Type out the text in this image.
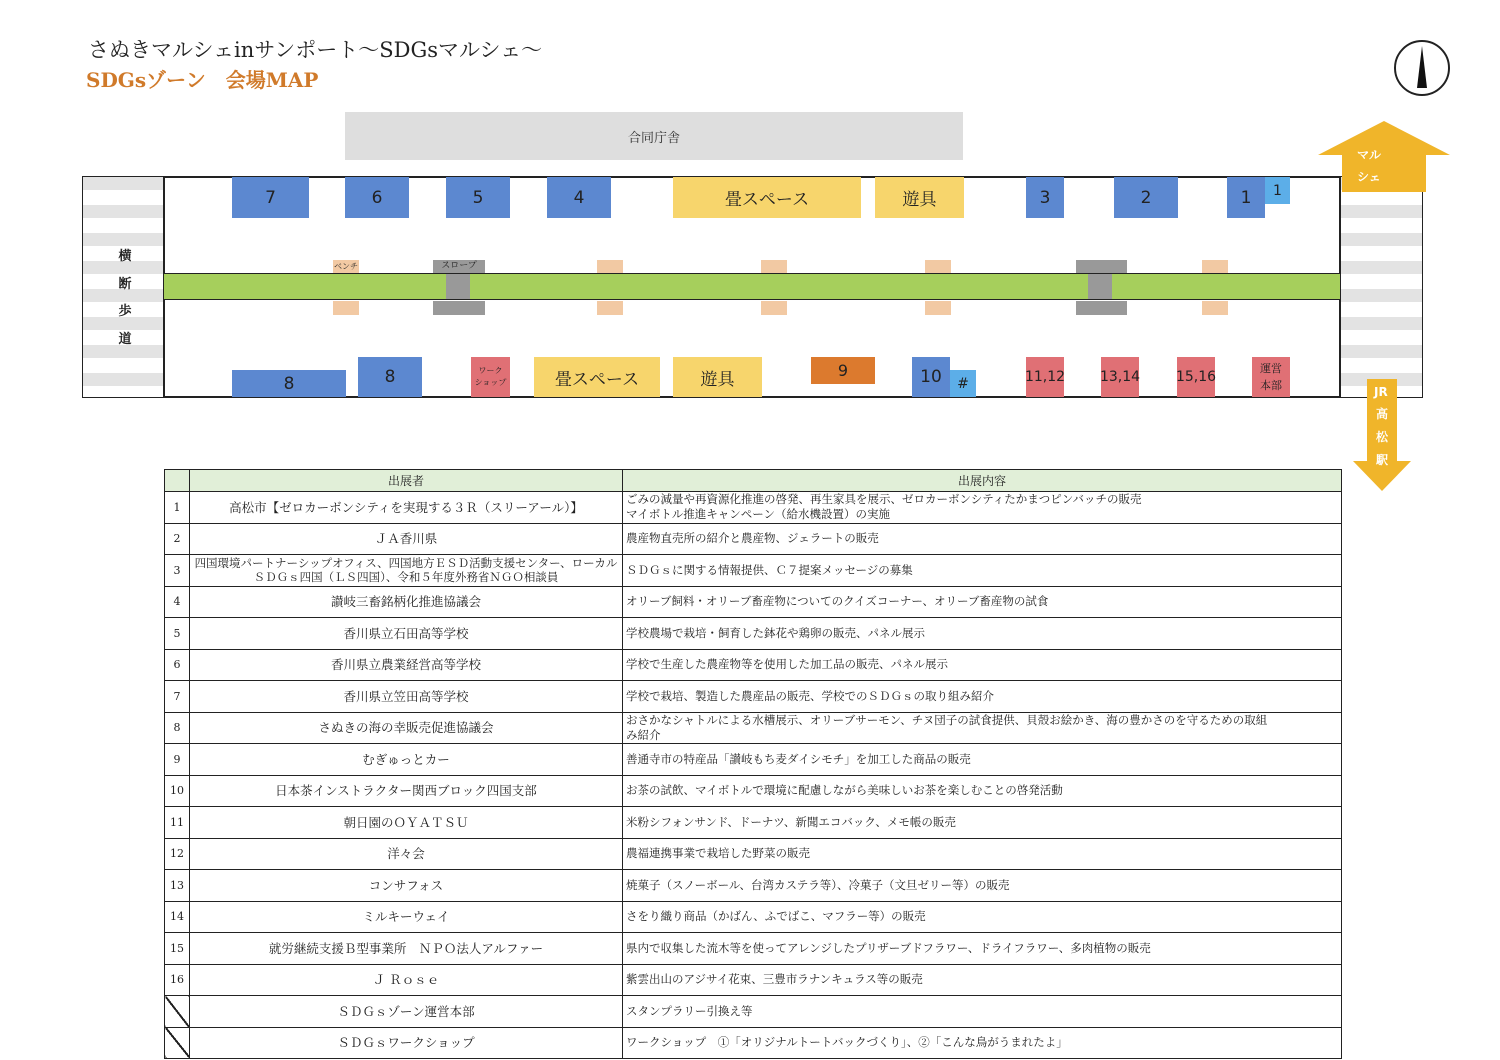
さぬきマルシェinサンポート〜SDGsマルシェ〜
SDGsゾーン　会場MAP
合同庁舎
横
断
歩
道
スロープ
ベンチ
7	6	5	4	畳スペース	遊具	3	2	1	1
8	8	ワーク
ショップ	畳スペース	遊具	9	10	#	11,12 13,14	15,16
運営
本部
マル
シェ
JR
高
松
駅
	出展者	出展内容
1	高松市【ゼロカーボンシティを実現する３Ｒ（スリーアール）】	ごみの減量や再資源化推進の啓発、再生家具を展示、ゼロカーボンシティたかまつピンバッチの販売
マイボトル推進キャンペーン（給水機設置）の実施

2	ＪＡ香川県	農産物直売所の紹介と農産物、ジェラートの販売

3	四国環境パートナーシップオフィス、四国地方ＥＳＤ活動支援センター、ローカルＳＤＧｓ四国（ＬＳ四国）、令和５年度外務省ＮＧＯ相談員	ＳＤＧｓに関する情報提供、Ｃ７提案メッセージの募集

4	讃岐三畜銘柄化推進協議会	オリーブ飼料・オリーブ畜産物についてのクイズコーナー、オリーブ畜産物の試食

5	香川県立石田高等学校	学校農場で栽培・飼育した鉢花や鶏卵の販売、パネル展示

6	香川県立農業経営高等学校	学校で生産した農産物等を使用した加工品の販売、パネル展示

7	香川県立笠田高等学校	学校で栽培、製造した農産品の販売、学校でのＳＤＧｓの取り組み紹介

8	さぬきの海の幸販売促進協議会	おさかなシャトルによる水槽展示、オリーブサーモン、チヌ団子の試食提供、貝殻お絵かき、海の豊かさのを守るための取組
み紹介

9	むぎゅっとカー	善通寺市の特産品「讃岐もち麦ダイシモチ」を加工した商品の販売

10	日本茶インストラクター関西ブロック四国支部	お茶の試飲、マイボトルで環境に配慮しながら美味しいお茶を楽しむことの啓発活動

11	朝日園のＯＹＡＴＳＵ	米粉シフォンサンド、ドーナツ、新聞エコバック、メモ帳の販売

12	洋々会	農福連携事業で栽培した野菜の販売

13	コンサフォス	焼菓子（スノーボール、台湾カステラ等）、冷菓子（文旦ゼリー等）の販売

14	ミルキーウェイ	さをり織り商品（かばん、ふでばこ、マフラー等）の販売

15	就労継続支援Ｂ型事業所　ＮＰＯ法人アルファー	県内で収集した流木等を使ってアレンジしたプリザーブドフラワー、ドライフラワー、多肉植物の販売

16	Ｊ Ｒｏｓｅ	紫雲出山のアジサイ花束、三豊市ラナンキュラス等の販売

	ＳＤＧｓゾーン運営本部	スタンプラリー引換え等

	ＳＤＧｓワークショップ	ワークショップ　①「オリジナルトートバックづくり」、②「こんな鳥がうまれたよ」
